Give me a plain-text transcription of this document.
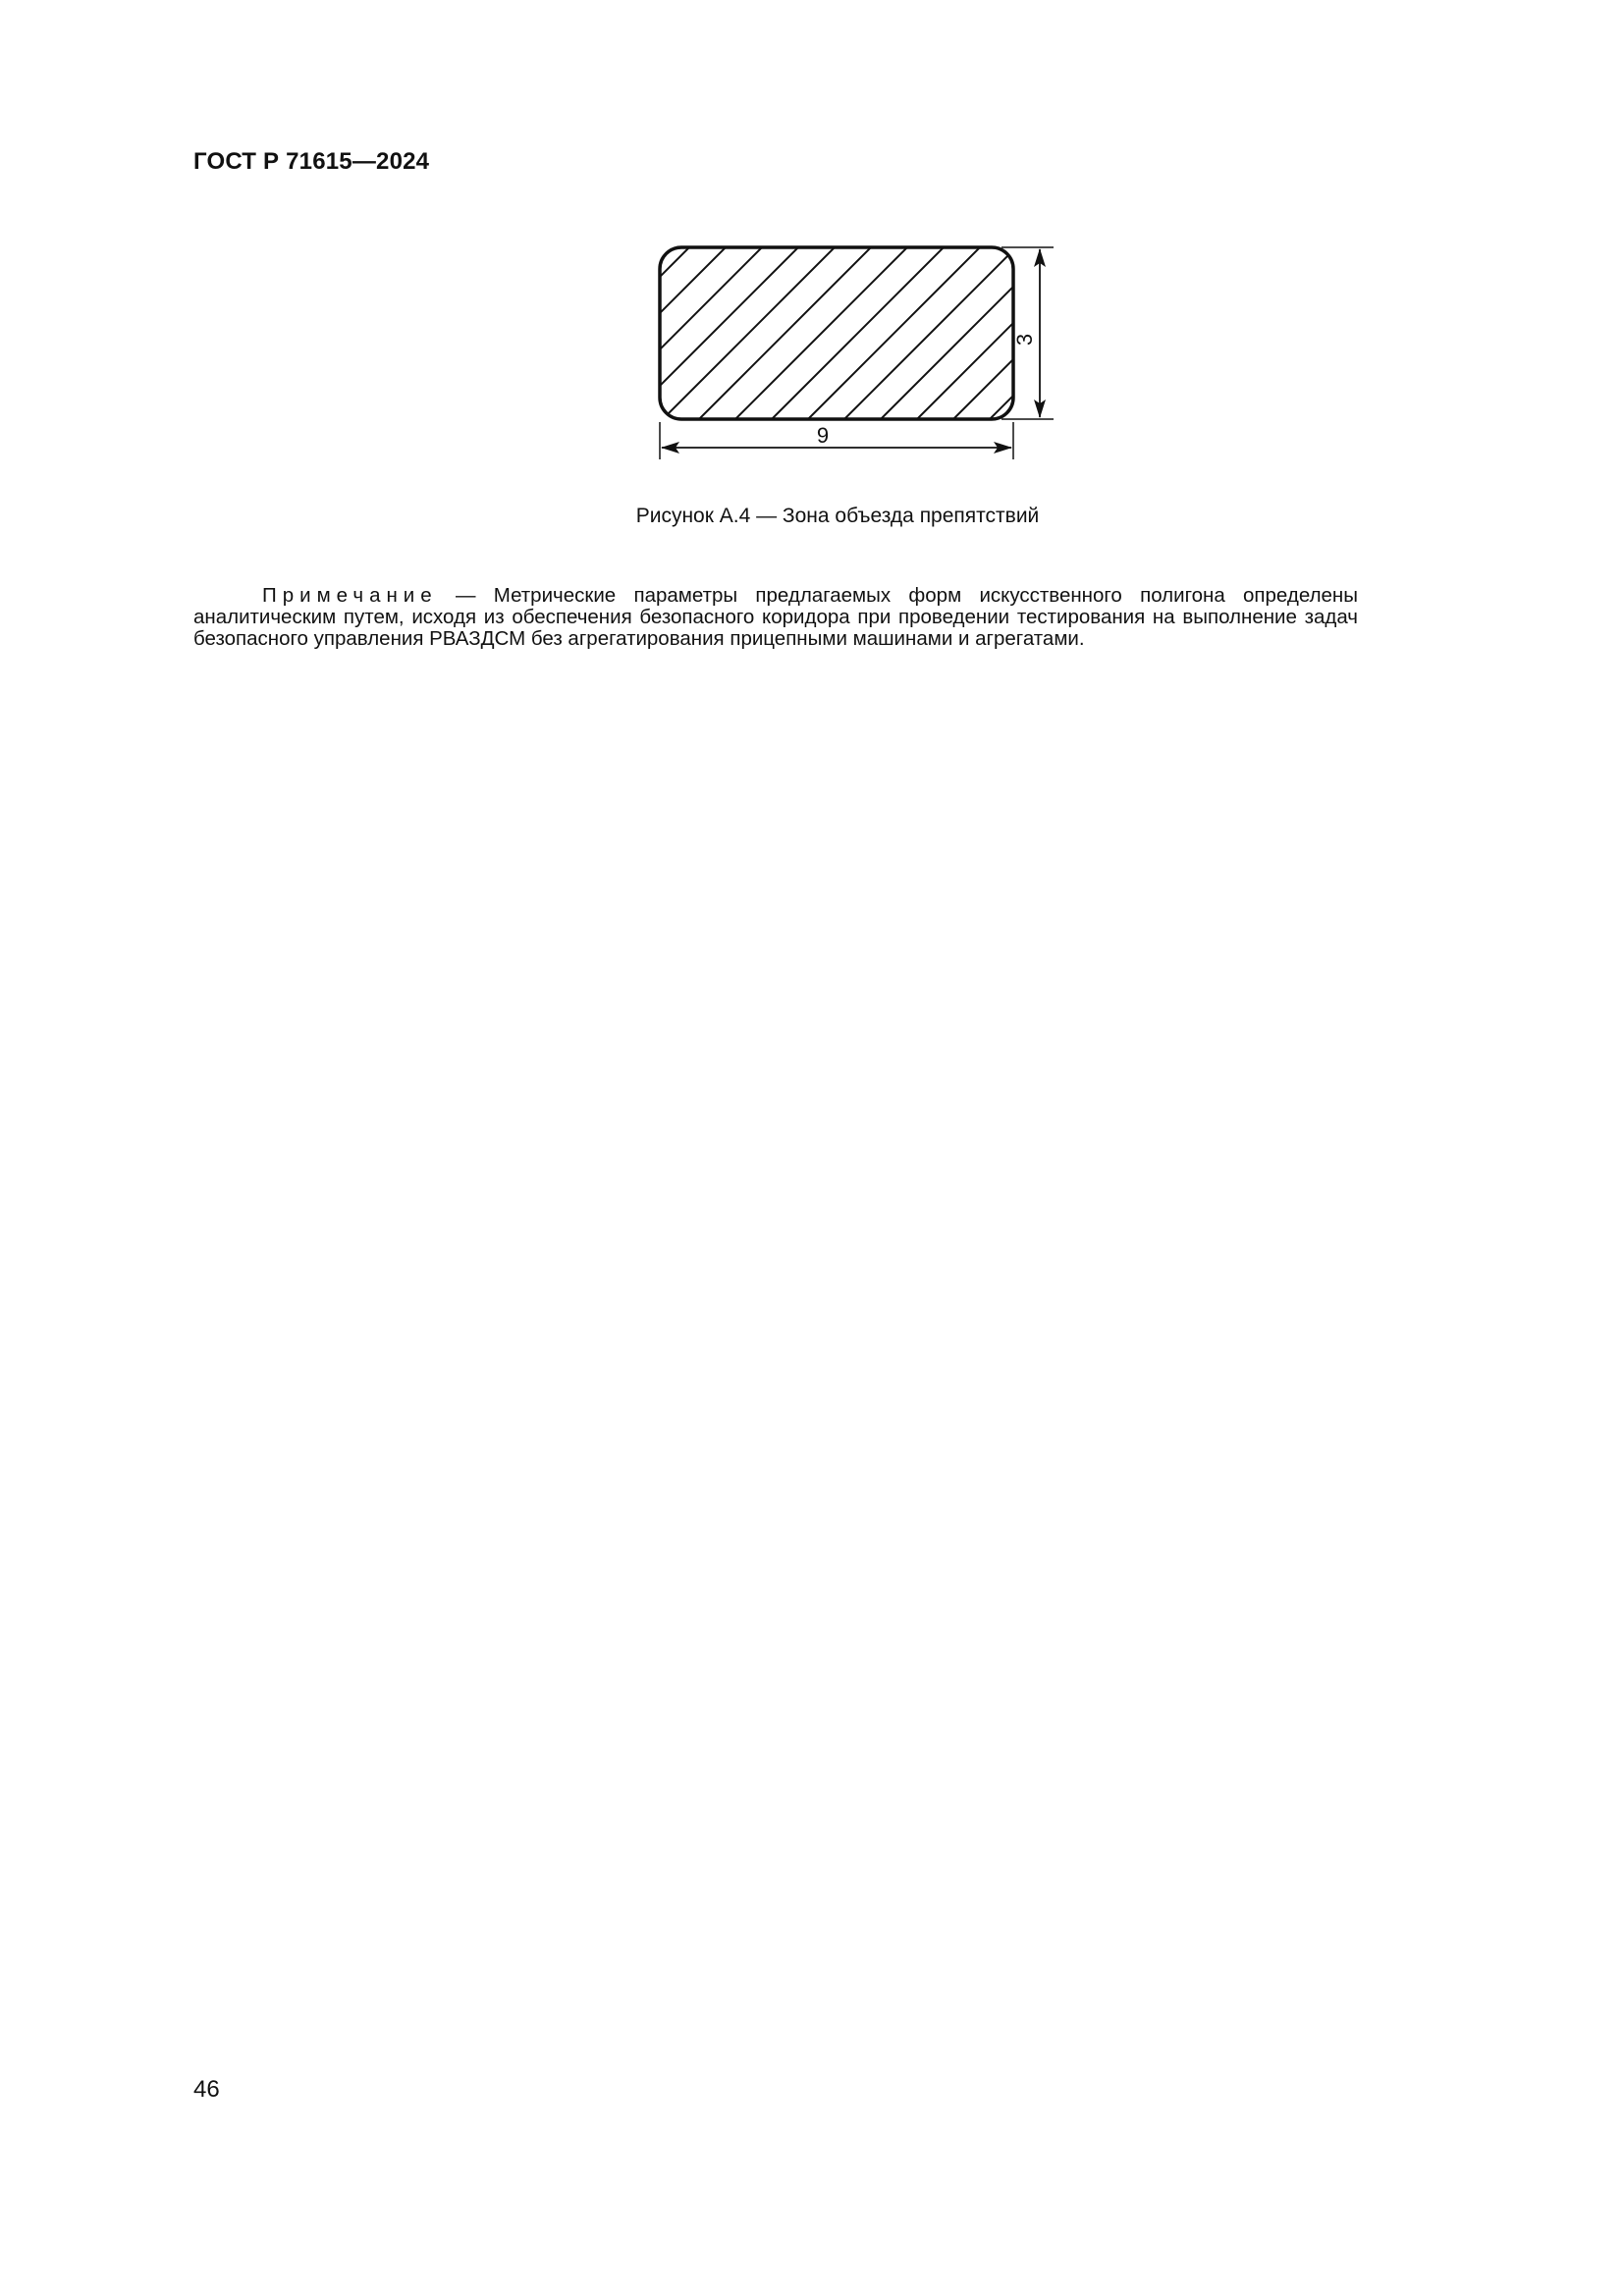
ГОСТ Р 71615—2024
9
3
Рисунок А.4 — Зона объезда препятствий
Примечание — Метрические параметры предлагаемых форм искусственного полигона определены аналитическим путем, исходя из обеспечения безопасного коридора при проведении тестирования на выполнение задач безопасного управления РВАЗДСМ без агрегатирования прицепными машинами и агрегатами.
46
